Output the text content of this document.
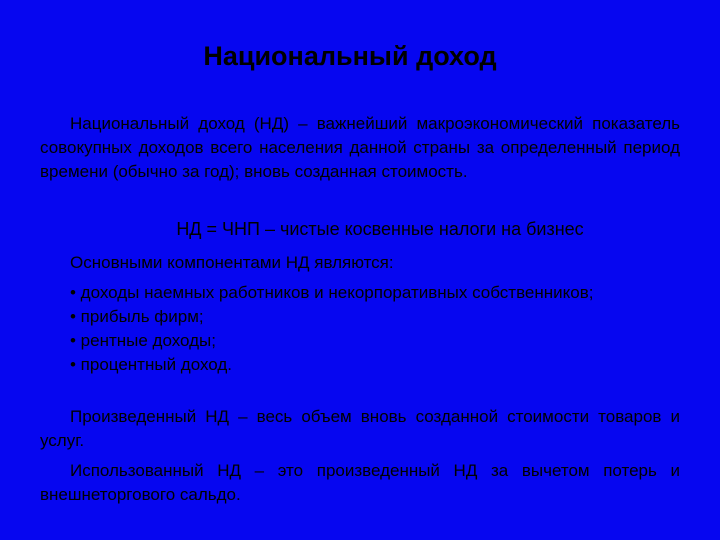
Национальный доход

Национальный доход (НД) – важнейший макроэкономический показатель совокупных доходов всего населения данной страны за определенный период времени (обычно за год); вновь созданная стоимость.

НД = ЧНП – чистые косвенные налоги на бизнес

Основными компонентами НД являются:

• доходы наемных работников и некорпоративных собственников;
• прибыль фирм;
• рентные доходы;
• процентный доход.

Произведенный НД – весь объем вновь созданной стоимости товаров и услуг.

Использованный НД – это произведенный НД за вычетом потерь и внешнеторгового сальдо.
